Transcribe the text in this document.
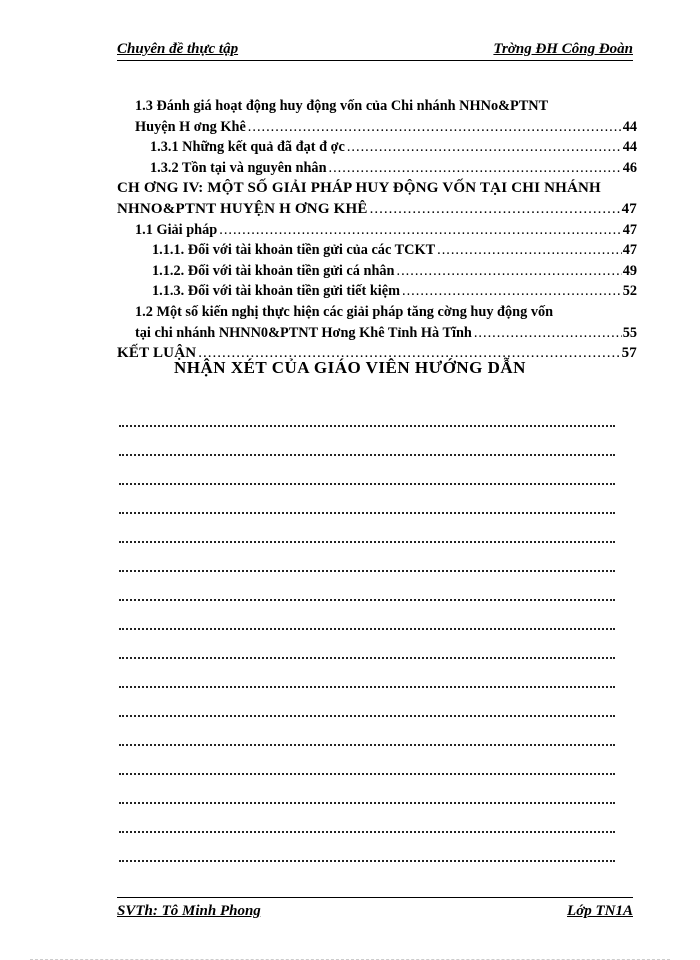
Chuyên đề thực tập	Trờng ĐH Công Đoàn
1.3 Đánh giá hoạt động huy động vốn của Chi nhánh NHNo&PTNT
Huyện H ơng Khê .....	44
1.3.1 Những kết quả đã đạt đ ợc .....	44
1.3.2 Tồn tại và nguyên nhân .....	46
CH ƠNG IV: MỘT SỐ GIẢI PHÁP HUY ĐỘNG VỐN TẠI CHI NHÁNH
NHNO&PTNT HUYỆN H ƠNG KHÊ .....	47
1.1 Giải pháp .....	47
1.1.1. Đối với tài khoản tiền gửi của các TCKT .....	47
1.1.2. Đối với tài khoản tiền gửi cá nhân .....	49
1.1.3. Đối với tài khoản tiền gửi tiết kiệm .....	52
1.2 Một số kiến nghị thực hiện các giải pháp tăng cờng huy động vốn
tại chi nhánh NHNN0&PTNT Hơng Khê Tỉnh Hà Tĩnh .....	55
KẾT LUẬN .....	57
NHẬN XÉT CỦA GIÁO VIÊN HƯỚNG DẪN
SVTh: Tô Minh Phong	Lớp TN1A
